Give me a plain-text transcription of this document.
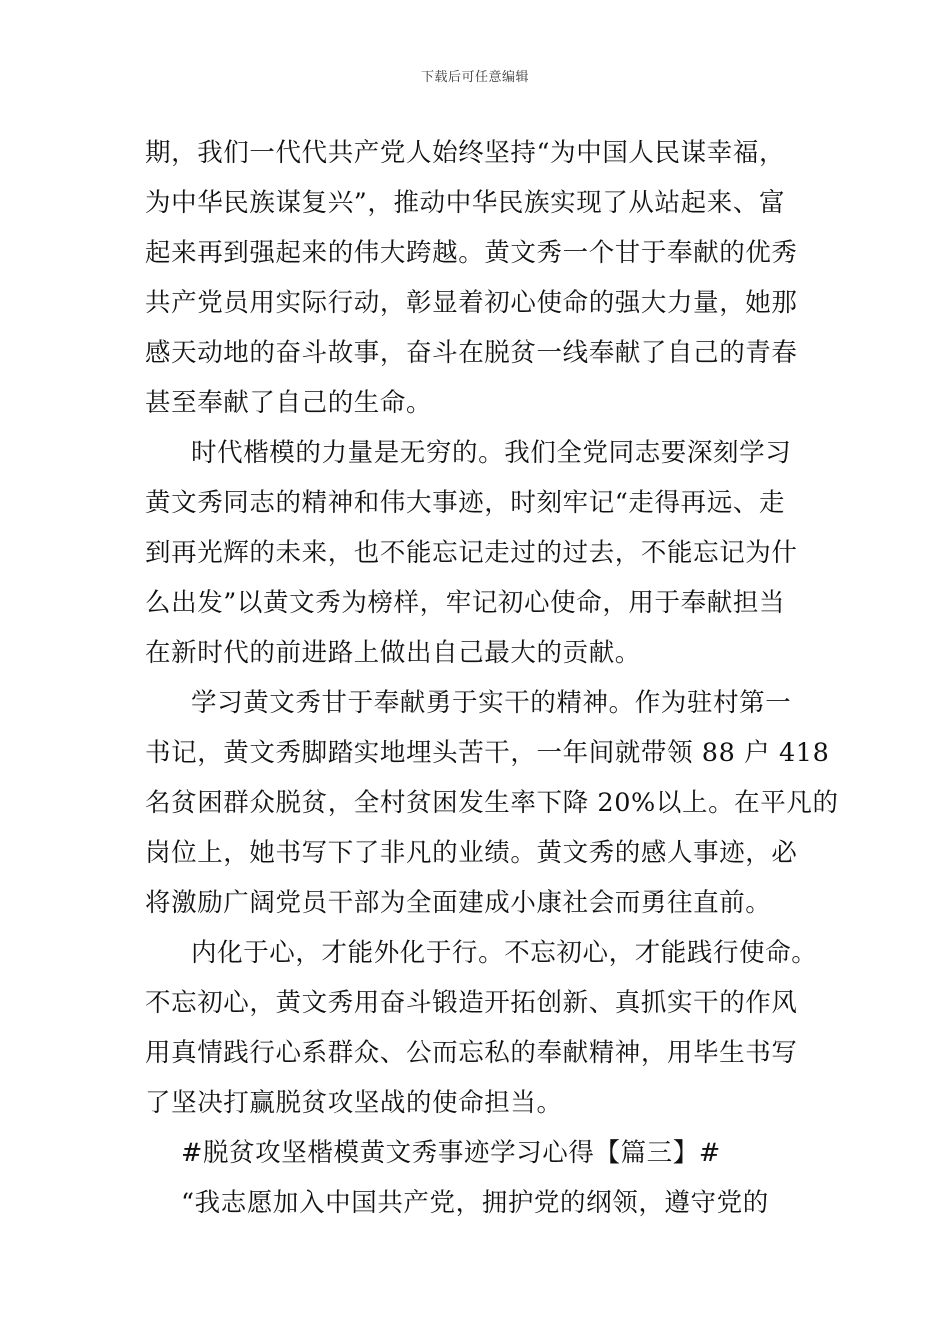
下载后可任意编辑
期，我们一代代共产党人始终坚持“为中国人民谋幸福，
为中华民族谋复兴”，推动中华民族实现了从站起来、富
起来再到强起来的伟大跨越。黄文秀一个甘于奉献的优秀
共产党员用实际行动，彰显着初心使命的强大力量，她那
感天动地的奋斗故事，奋斗在脱贫一线奉献了自己的青春
甚至奉献了自己的生命。
时代楷模的力量是无穷的。我们全党同志要深刻学习
黄文秀同志的精神和伟大事迹，时刻牢记“走得再远、走
到再光辉的未来，也不能忘记走过的过去，不能忘记为什
么出发”以黄文秀为榜样，牢记初心使命，用于奉献担当
在新时代的前进路上做出自己最大的贡献。
学习黄文秀甘于奉献勇于实干的精神。作为驻村第一
书记，黄文秀脚踏实地埋头苦干，一年间就带领 88 户 418
名贫困群众脱贫，全村贫困发生率下降 20%以上。在平凡的
岗位上，她书写下了非凡的业绩。黄文秀的感人事迹，必
将激励广阔党员干部为全面建成小康社会而勇往直前。
内化于心，才能外化于行。不忘初心，才能践行使命。
不忘初心，黄文秀用奋斗锻造开拓创新、真抓实干的作风
用真情践行心系群众、公而忘私的奉献精神，用毕生书写
了坚决打赢脱贫攻坚战的使命担当。
#脱贫攻坚楷模黄文秀事迹学习心得【篇三】#
“我志愿加入中国共产党，拥护党的纲领，遵守党的
